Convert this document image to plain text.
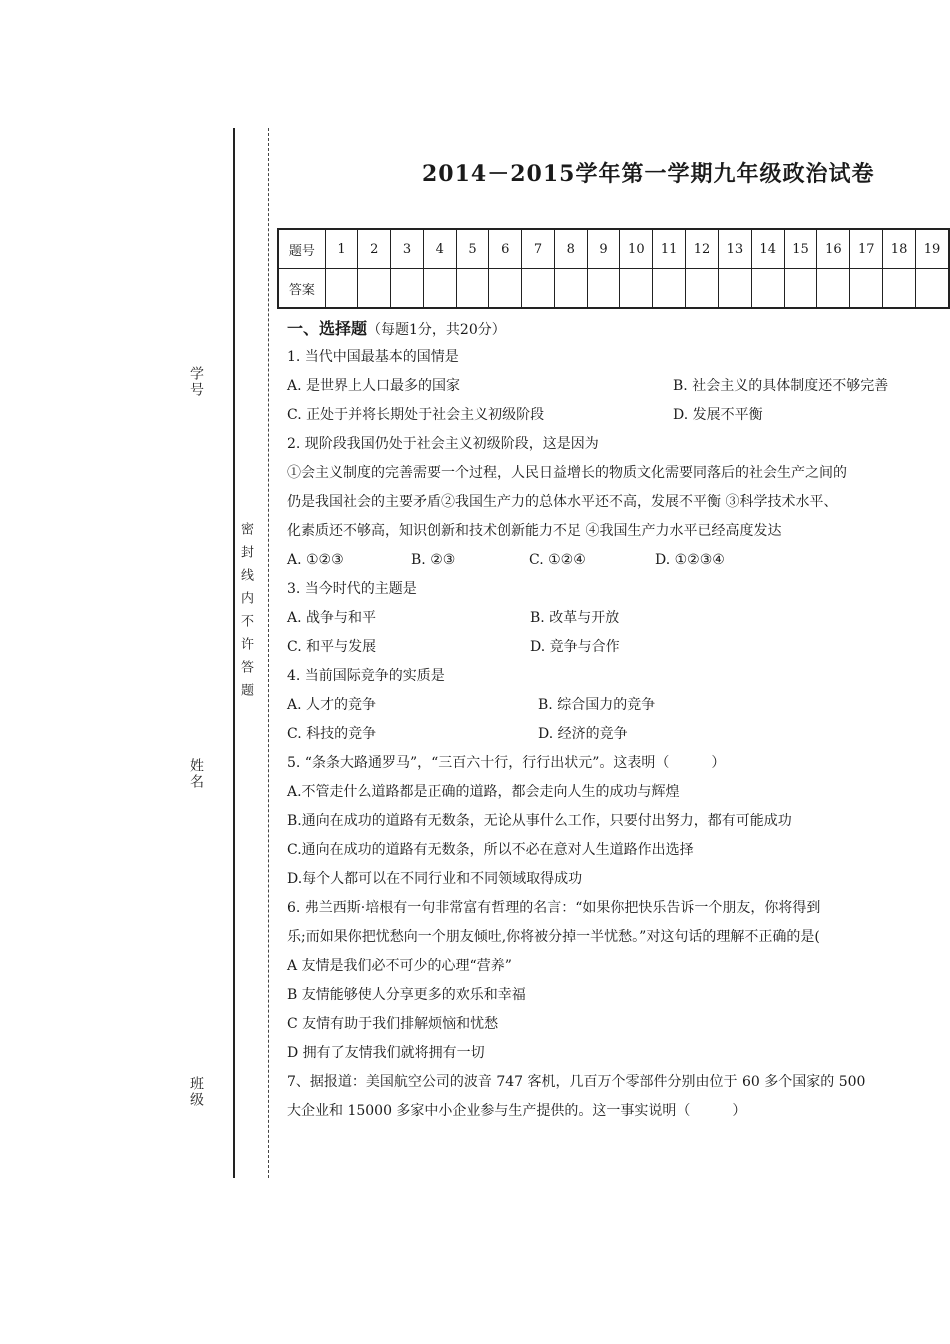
学号
姓名
班级
密封线内不许答题
2014－2015学年第一学期九年级政治试卷
题号	1	2	3	4	5	6	7	8	9	10	11	12	13	14	15	16	17	18	19
答案																			
一、选择题（每题1分，共20分）
1. 当代中国最基本的国情是
A. 是世界上人口最多的国家	B. 社会主义的具体制度还不够完善
C. 正处于并将长期处于社会主义初级阶段	D. 发展不平衡
2. 现阶段我国仍处于社会主义初级阶段，这是因为
①会主义制度的完善需要一个过程，人民日益增长的物质文化需要同落后的社会生产之间的
仍是我国社会的主要矛盾②我国生产力的总体水平还不高，发展不平衡 ③科学技术水平、
化素质还不够高，知识创新和技术创新能力不足 ④我国生产力水平已经高度发达
A. ①②③	B. ②③	C. ①②④	D. ①②③④
3. 当今时代的主题是
A. 战争与和平	B. 改革与开放
C. 和平与发展	D. 竞争与合作
4. 当前国际竞争的实质是
A. 人才的竞争	B. 综合国力的竞争
C. 科技的竞争	D. 经济的竞争
5. “条条大路通罗马”，“三百六十行，行行出状元”。这表明（　　　）
A.不管走什么道路都是正确的道路，都会走向人生的成功与辉煌
B.通向在成功的道路有无数条，无论从事什么工作，只要付出努力，都有可能成功
C.通向在成功的道路有无数条，所以不必在意对人生道路作出选择
D.每个人都可以在不同行业和不同领域取得成功
6. 弗兰西斯·培根有一句非常富有哲理的名言：“如果你把快乐告诉一个朋友，你将得到
乐;而如果你把忧愁向一个朋友倾吐,你将被分掉一半忧愁。”对这句话的理解不正确的是(
A 友情是我们必不可少的心理“营养”
B 友情能够使人分享更多的欢乐和幸福
C 友情有助于我们排解烦恼和忧愁
D 拥有了友情我们就将拥有一切
7、据报道：美国航空公司的波音 747 客机，几百万个零部件分别由位于 60 多个国家的 500
大企业和 15000 多家中小企业参与生产提供的。这一事实说明（　　　）
